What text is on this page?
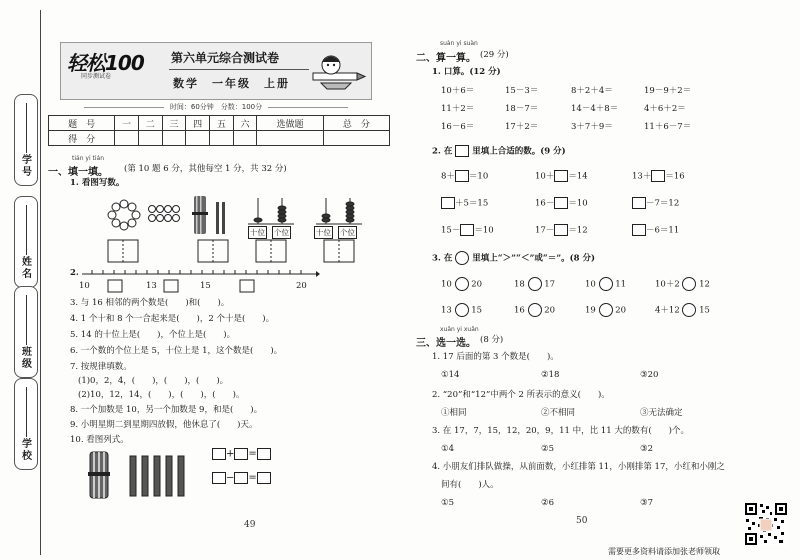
学号
姓名
班级
学校
轻松100
同步测试卷
第六单元综合测试卷
数学　一年级　上册
时间：60分钟　分数：100分
题　号	一	二	三	四	五	六	选做题	总　分
得　分								
tián yi tián
一、填一填。 (第 10 题 6 分，其他每空 1 分，共 32 分)
1. 看图写数。
十位 个位	十位 个位
2.
10	13	15	20
3. 与 16 相邻的两个数是(　　)和(　　)。
4. 1 个十和 8 个一合起来是(　　)，2 个十是(　　)。
5. 14 的十位上是(　　)，个位上是(　　)。
6. 一个数的个位上是 5，十位上是 1，这个数是(　　)。
7. 按规律填数。
(1)0，2，4，(　　)，(　　)，(　　)。
(2)10，12，14，(　　)，(　　)，(　　)。
8. 一个加数是 10，另一个加数是 9，和是(　　)。
9. 小明星期二到星期四放假，他休息了(　　)天。
10. 看图列式。
+ =
− =
49
suàn yi suàn
二、算一算。 (29 分)
1. 口算。(12 分)
10＋6＝	15－3＝	8＋2＋4＝	19－9＋2＝
11＋2＝	18－7＝	14－4＋8＝	4＋6＋2＝
16－6＝	17＋2＝	3＋7＋9＝	11＋6－7＝
2. 在 里填上合适的数。(9 分)
8＋ ＝10	10＋ ＝14	13＋ ＝16
＋5＝15	16－ ＝10	－7＝12
15－ ＝10	17－ ＝12	－6＝11
3. 在 里填上“＞”“＜”或“＝”。(8 分)
10 20	18 17	10 11	10＋2 12
13 15	16 20	19 20	4＋12 15
xuǎn yi xuǎn
三、选一选。 (8 分)
1. 17 后面的第 3 个数是(　　)。
①14	②18	③20
2. “20”和“12”中两个 2 所表示的意义(　　)。
①相同	②不相同	③无法确定
3. 在 17，7，15，12，20，9，11 中，比 11 大的数有(　　)个。
①4	②5	③2
4. 小朋友们排队做操，从前面数，小红排第 11，小刚排第 17，小红和小刚之
间有(　　)人。
①5	②6	③7
50
需要更多资料请添加张老师领取
